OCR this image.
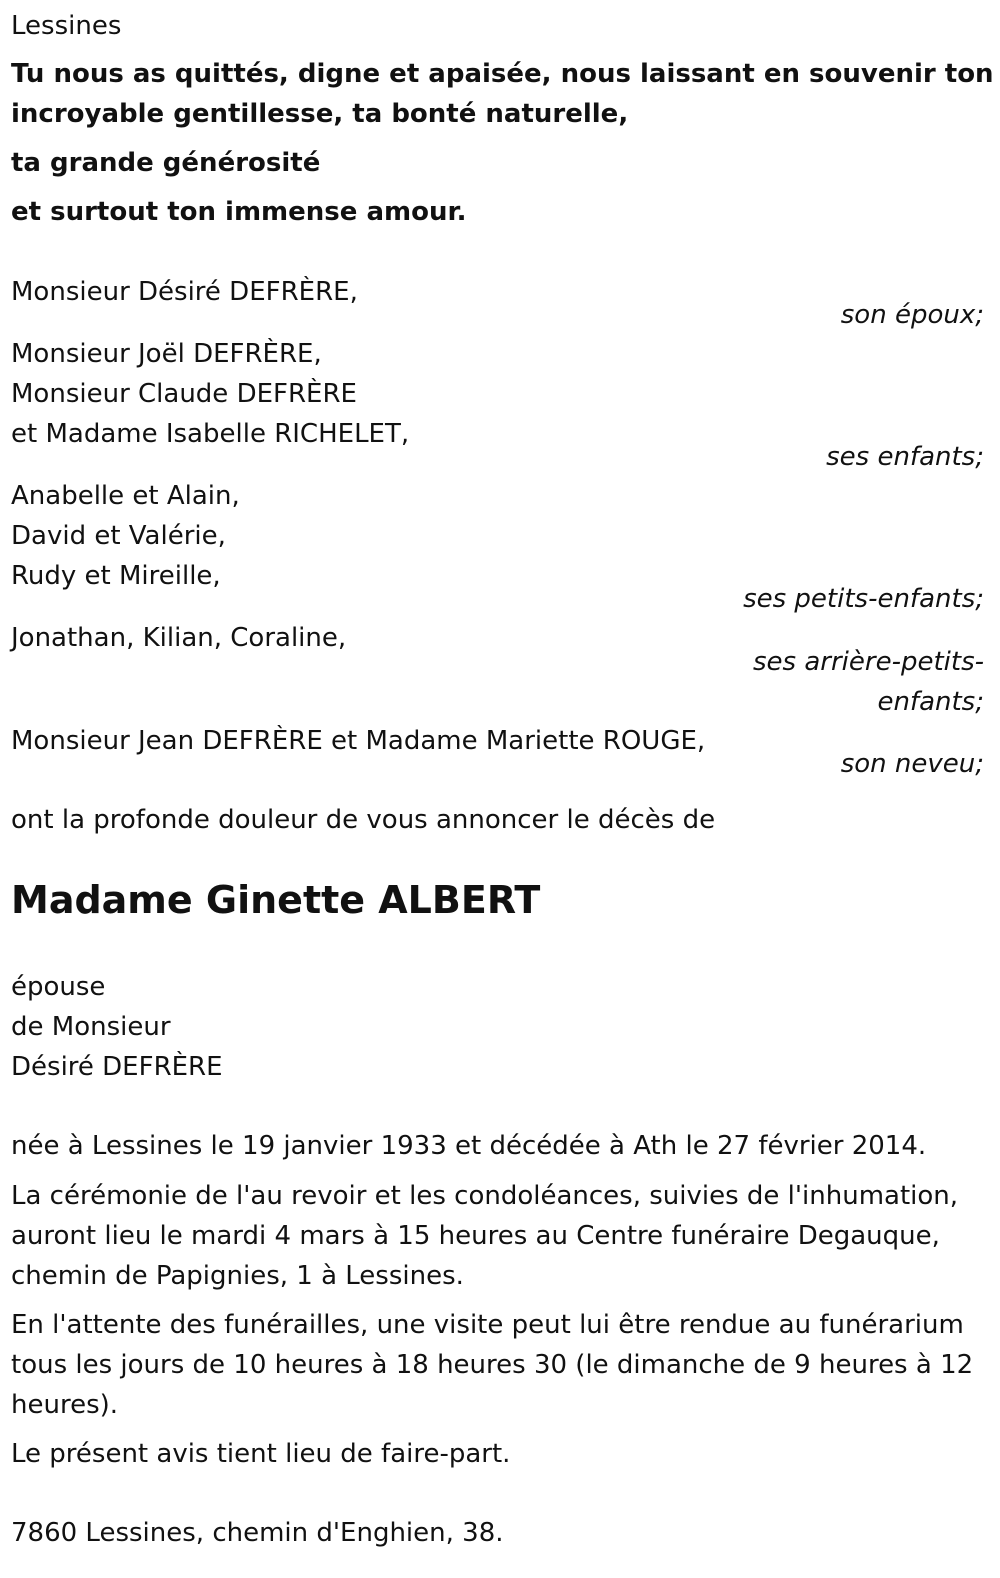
Lessines
Tu nous as quittés, digne et apaisée, nous laissant en souvenir ton
incroyable gentillesse, ta bonté naturelle,
ta grande générosité
et surtout ton immense amour.
Monsieur Désiré DEFRÈRE,
son époux;
Monsieur Joël DEFRÈRE,
Monsieur Claude DEFRÈRE
et Madame Isabelle RICHELET,
ses enfants;
Anabelle et Alain,
David et Valérie,
Rudy et Mireille,
ses petits-enfants;
Jonathan, Kilian, Coraline,
ses arrière-petits-
enfants;
Monsieur Jean DEFRÈRE et Madame Mariette ROUGE,
son neveu;
ont la profonde douleur de vous annoncer le décès de
Madame Ginette ALBERT
épouse
de Monsieur
Désiré DEFRÈRE
née à Lessines le 19 janvier 1933 et décédée à Ath le 27 février 2014.
La cérémonie de l'au revoir et les condoléances, suivies de l'inhumation,
auront lieu le mardi 4 mars à 15 heures au Centre funéraire Degauque,
chemin de Papignies, 1 à Lessines.
En l'attente des funérailles, une visite peut lui être rendue au funérarium
tous les jours de 10 heures à 18 heures 30 (le dimanche de 9 heures à 12
heures).
Le présent avis tient lieu de faire-part.
7860 Lessines, chemin d'Enghien, 38.
